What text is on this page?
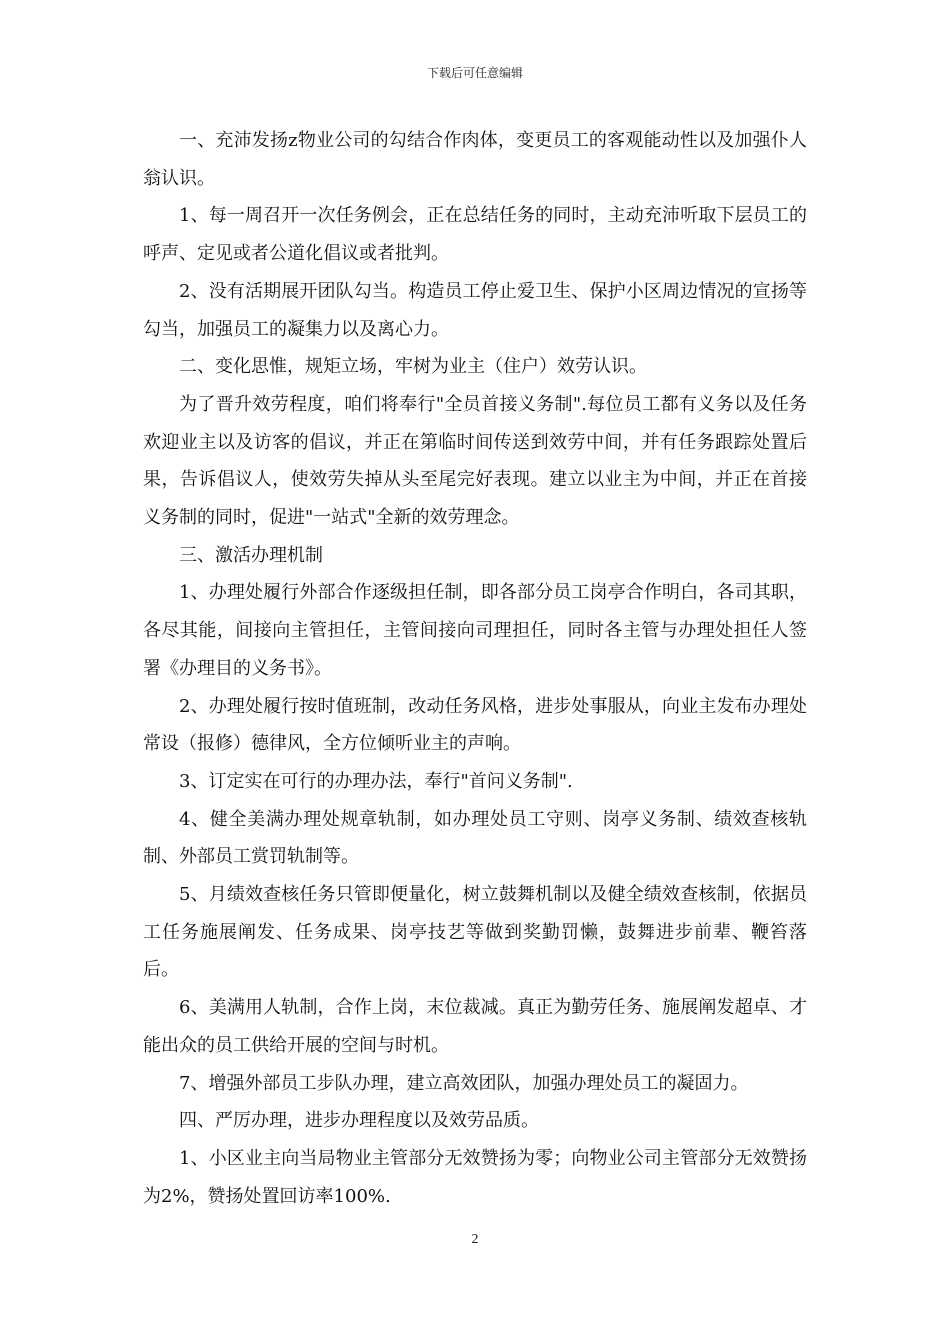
下载后可任意编辑

一、充沛发扬z物业公司的勾结合作肉体，变更员工的客观能动性以及加强仆人翁认识。

1、每一周召开一次任务例会，正在总结任务的同时，主动充沛听取下层员工的呼声、定见或者公道化倡议或者批判。

2、没有活期展开团队勾当。构造员工停止爱卫生、保护小区周边情况的宣扬等勾当，加强员工的凝集力以及离心力。

二、变化思惟，规矩立场，牢树为业主（住户）效劳认识。

为了晋升效劳程度，咱们将奉行"全员首接义务制".每位员工都有义务以及任务欢迎业主以及访客的倡议，并正在第临时间传送到效劳中间，并有任务跟踪处置后果，告诉倡议人，使效劳失掉从头至尾完好表现。建立以业主为中间，并正在首接义务制的同时，促进"一站式"全新的效劳理念。

三、激活办理机制

1、办理处履行外部合作逐级担任制，即各部分员工岗亭合作明白，各司其职，各尽其能，间接向主管担任，主管间接向司理担任，同时各主管与办理处担任人签署《办理目的义务书》。

2、办理处履行按时值班制，改动任务风格，进步处事服从，向业主发布办理处常设（报修）德律风，全方位倾听业主的声响。

3、订定实在可行的办理办法，奉行"首问义务制".

4、健全美满办理处规章轨制，如办理处员工守则、岗亭义务制、绩效查核轨制、外部员工赏罚轨制等。

5、月绩效查核任务只管即便量化，树立鼓舞机制以及健全绩效查核制，依据员工任务施展阐发、任务成果、岗亭技艺等做到奖勤罚懒，鼓舞进步前辈、鞭笞落后。

6、美满用人轨制，合作上岗，末位裁减。真正为勤劳任务、施展阐发超卓、才能出众的员工供给开展的空间与时机。

7、增强外部员工步队办理，建立高效团队，加强办理处员工的凝固力。

四、严厉办理，进步办理程度以及效劳品质。

1、小区业主向当局物业主管部分无效赞扬为零；向物业公司主管部分无效赞扬为2%，赞扬处置回访率100%.

2
